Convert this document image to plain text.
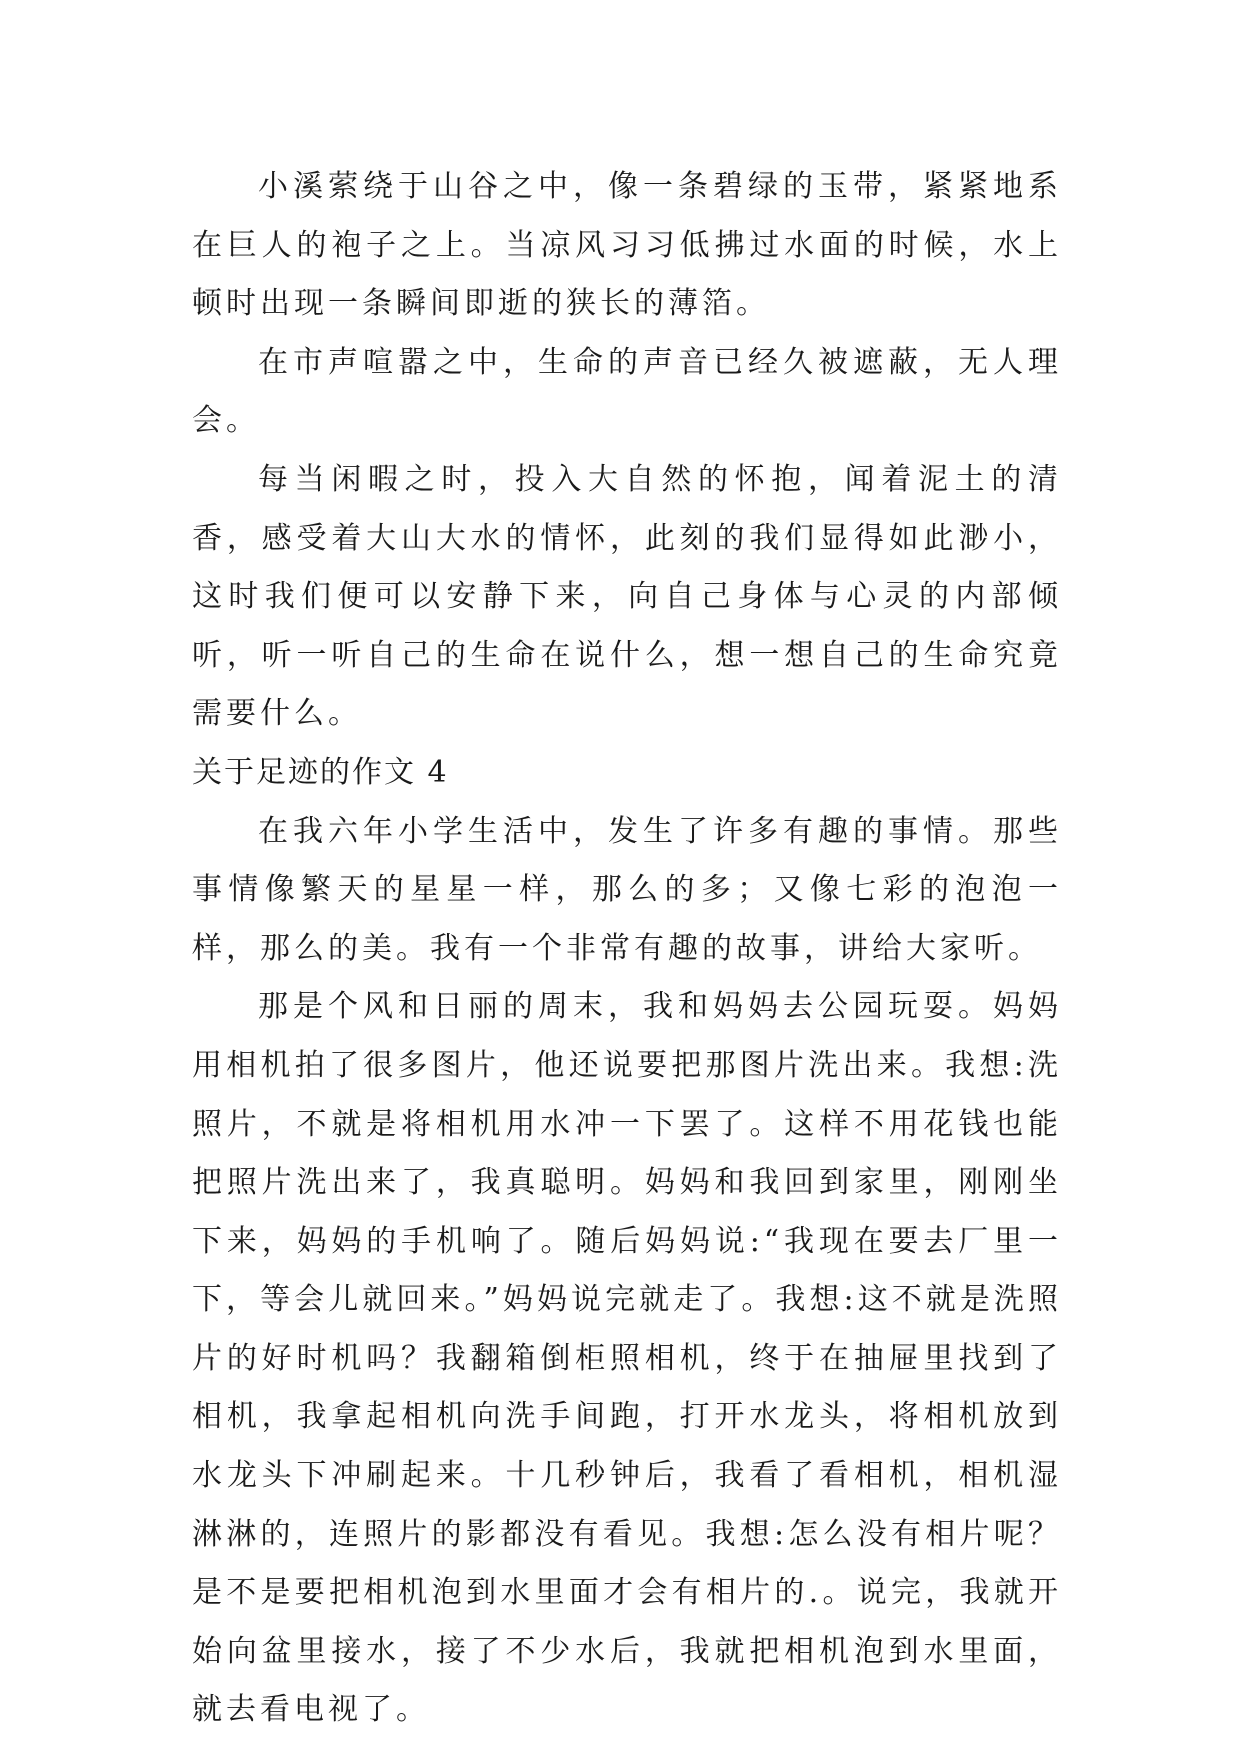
小溪萦绕于山谷之中，像一条碧绿的玉带，紧紧地系在巨人的袍子之上。当凉风习习低拂过水面的时候，水上顿时出现一条瞬间即逝的狭长的薄箔。

在市声喧嚣之中，生命的声音已经久被遮蔽，无人理会。

每当闲暇之时，投入大自然的怀抱，闻着泥土的清香，感受着大山大水的情怀，此刻的我们显得如此渺小，这时我们便可以安静下来，向自己身体与心灵的内部倾听，听一听自己的生命在说什么，想一想自己的生命究竟需要什么。

关于足迹的作文 4

在我六年小学生活中，发生了许多有趣的事情。那些事情像繁天的星星一样，那么的多；又像七彩的泡泡一样，那么的美。我有一个非常有趣的故事，讲给大家听。

那是个风和日丽的周末，我和妈妈去公园玩耍。妈妈用相机拍了很多图片，他还说要把那图片洗出来。我想:洗照片，不就是将相机用水冲一下罢了。这样不用花钱也能把照片洗出来了，我真聪明。妈妈和我回到家里，刚刚坐下来，妈妈的手机响了。随后妈妈说:“我现在要去厂里一下，等会儿就回来。”妈妈说完就走了。我想:这不就是洗照片的好时机吗？我翻箱倒柜照相机，终于在抽屉里找到了相机，我拿起相机向洗手间跑，打开水龙头，将相机放到水龙头下冲刷起来。十几秒钟后，我看了看相机，相机湿淋淋的，连照片的影都没有看见。我想:怎么没有相片呢？是不是要把相机泡到水里面才会有相片的.。说完，我就开始向盆里接水，接了不少水后，我就把相机泡到水里面，就去看电视了。
